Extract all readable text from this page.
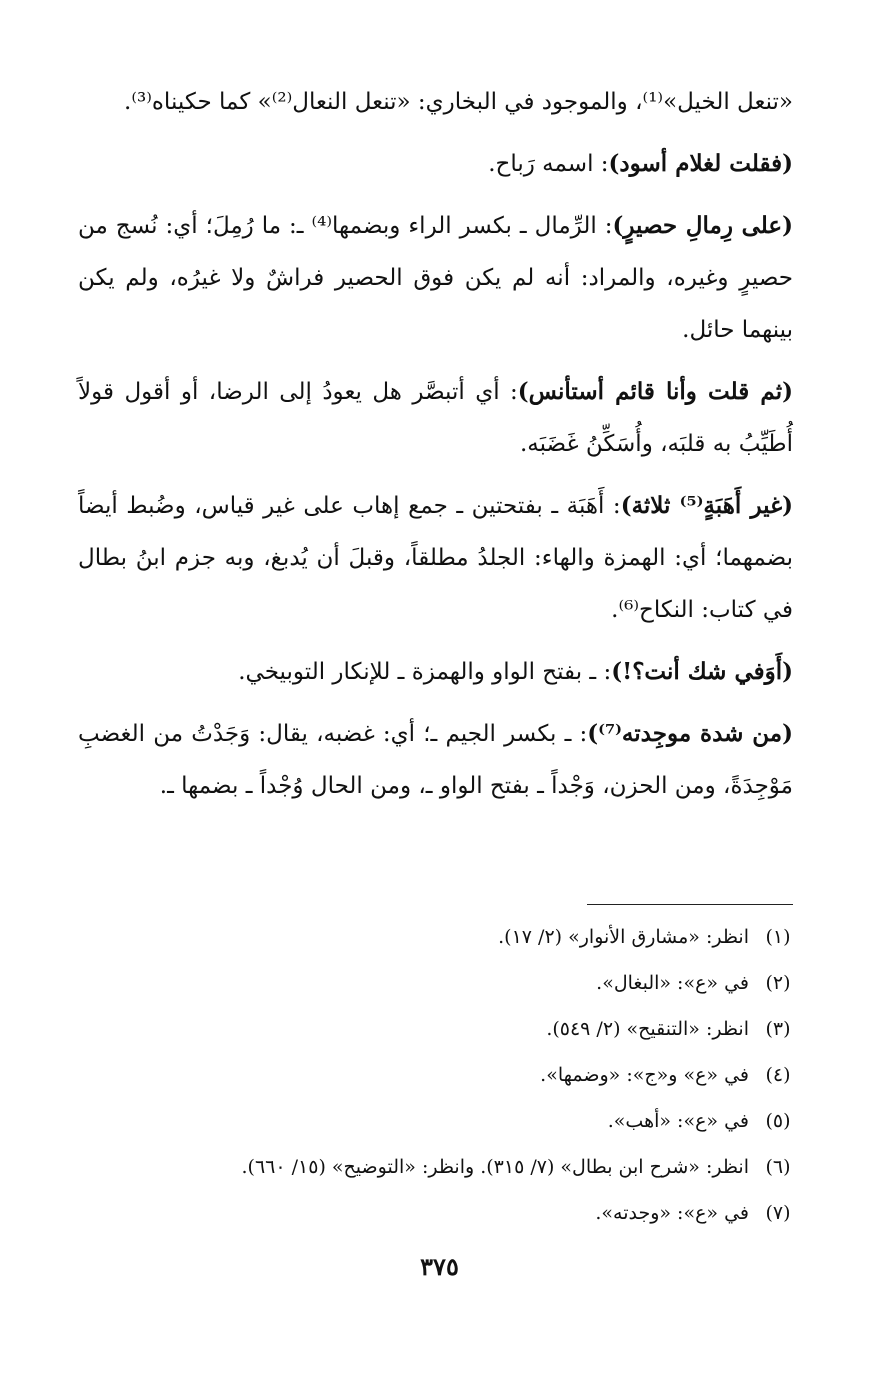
«تنعل الخيل»⁽¹⁾، والموجود في البخاري: «تنعل النعال⁽²⁾» كما حكيناه⁽³⁾.

(فقلت لغلام أسود): اسمه رَباح.

(على رِمالِ حصيرٍ): الرِّمال ـ بكسر الراء وبضمها⁽⁴⁾ ـ: ما رُمِلَ؛ أي: نُسج من حصيرٍ وغيره، والمراد: أنه لم يكن فوق الحصير فراشٌ ولا غيرُه، ولم يكن بينهما حائل.

(ثم قلت وأنا قائم أستأنس): أي أتبصَّر هل يعودُ إلى الرضا، أو أقول قولاً أُطَيِّبُ به قلبَه، وأُسَكِّنُ غَضَبَه.

(غير أَهَبَةٍ⁽⁵⁾ ثلاثة): أَهَبَة ـ بفتحتين ـ جمع إهاب على غير قياس، وضُبط أيضاً بضمهما؛ أي: الهمزة والهاء: الجلدُ مطلقاً، وقبلَ أن يُدبغ، وبه جزم ابنُ بطال في كتاب: النكاح⁽⁶⁾.

(أَوَفي شك أنت؟!): ـ بفتح الواو والهمزة ـ للإنكار التوبيخي.

(من شدة موجِدته⁽⁷⁾): ـ بكسر الجيم ـ؛ أي: غضبه، يقال: وَجَدْتُ من الغضبِ مَوْجِدَةً، ومن الحزن، وَجْداً ـ بفتح الواو ـ، ومن الحال وُجْداً ـ بضمها ـ.

(١)
انظر: «مشارق الأنوار» (٢/ ١٧).
(٢)
في «ع»: «البغال».
(٣)
انظر: «التنقيح» (٢/ ٥٤٩).
(٤)
في «ع» و«ج»: «وضمها».
(٥)
في «ع»: «أهب».
(٦)
انظر: «شرح ابن بطال» (٧/ ٣١٥). وانظر: «التوضيح» (١٥/ ٦٦٠).
(٧)
في «ع»: «وجدته».
٣٧٥
